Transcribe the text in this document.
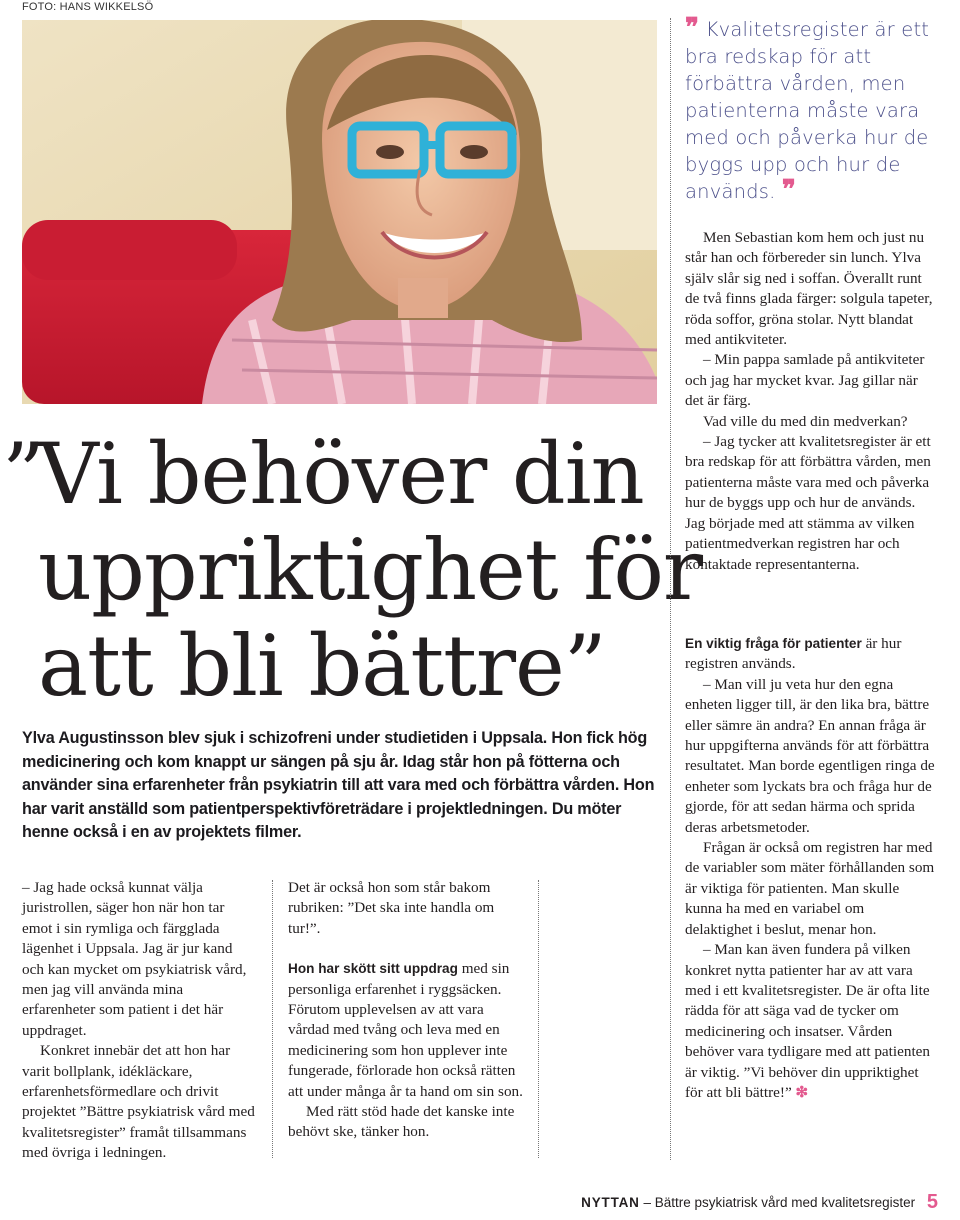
FOTO: HANS WIKKELSÖ
❞ Kvalitetsregister är ett bra redskap för att förbättra vården, men patienterna måste vara med och påverka hur de byggs upp och hur de används. ❞
”
Vi behöver din
uppriktighet för
att bli bättre”
Ylva Augustinsson blev sjuk i schizofreni under studietiden i Uppsala. Hon fick hög medicinering och kom knappt ur sängen på sju år. Idag står hon på fötterna och använder sina erfarenheter från psykiatrin till att vara med och förbättra vården. Hon har varit anställd som patientperspektivföreträdare i projektledningen. Du möter henne också i en av projektets filmer.

– Jag hade också kunnat välja juristrollen, säger hon när hon tar emot i sin rymliga och färgglada lägenhet i Uppsala. Jag är jur kand och kan mycket om psykiatrisk vård, men jag vill använda mina erfarenheter som patient i det här uppdraget.

Konkret innebär det att hon har varit bollplank, idékläckare, erfarenhetsförmedlare och drivit projektet ”Bättre psykiatrisk vård med kvalitetsregister” framåt tillsammans med övriga i ledningen.

Det är också hon som står bakom rubriken: ”Det ska inte handla om tur!”.

Hon har skött sitt uppdrag med sin personliga erfarenhet i ryggsäcken. Förutom upplevelsen av att vara vårdad med tvång och leva med en medicinering som hon upplever inte fungerade, förlorade hon också rätten att under många år ta hand om sin son.

Med rätt stöd hade det kanske inte behövt ske, tänker hon.

Men Sebastian kom hem och just nu står han och förbereder sin lunch. Ylva själv slår sig ned i soffan. Överallt runt de två finns glada färger: solgula tapeter, röda soffor, gröna stolar. Nytt blandat med antikviteter.

– Min pappa samlade på antikviteter och jag har mycket kvar. Jag gillar när det är färg.

Vad ville du med din medverkan?

– Jag tycker att kvalitetsregister är ett bra redskap för att förbättra vården, men patienterna måste vara med och påverka hur de byggs upp och hur de används. Jag började med att stämma av vilken patientmedverkan registren har och kontaktade representanterna.

En viktig fråga för patienter är hur registren används.

– Man vill ju veta hur den egna enheten ligger till, är den lika bra, bättre eller sämre än andra? En annan fråga är hur uppgifterna används för att förbättra resultatet. Man borde egentligen ringa de enheter som lyckats bra och fråga hur de gjorde, för att sedan härma och sprida deras arbetsmetoder.

Frågan är också om registren har med de variabler som mäter förhållanden som är viktiga för patienten. Man skulle kunna ha med en variabel om delaktighet i beslut, menar hon.

– Man kan även fundera på vilken konkret nytta patienter har av att vara med i ett kvalitetsregister. De är ofta lite rädda för att säga vad de tycker om medicinering och insatser. Vården behöver vara tydligare med att patienten är viktig. ”Vi behöver din uppriktighet för att bli bättre!” ❇

NYTTAN – Bättre psykiatrisk vård med kvalitetsregister 5
